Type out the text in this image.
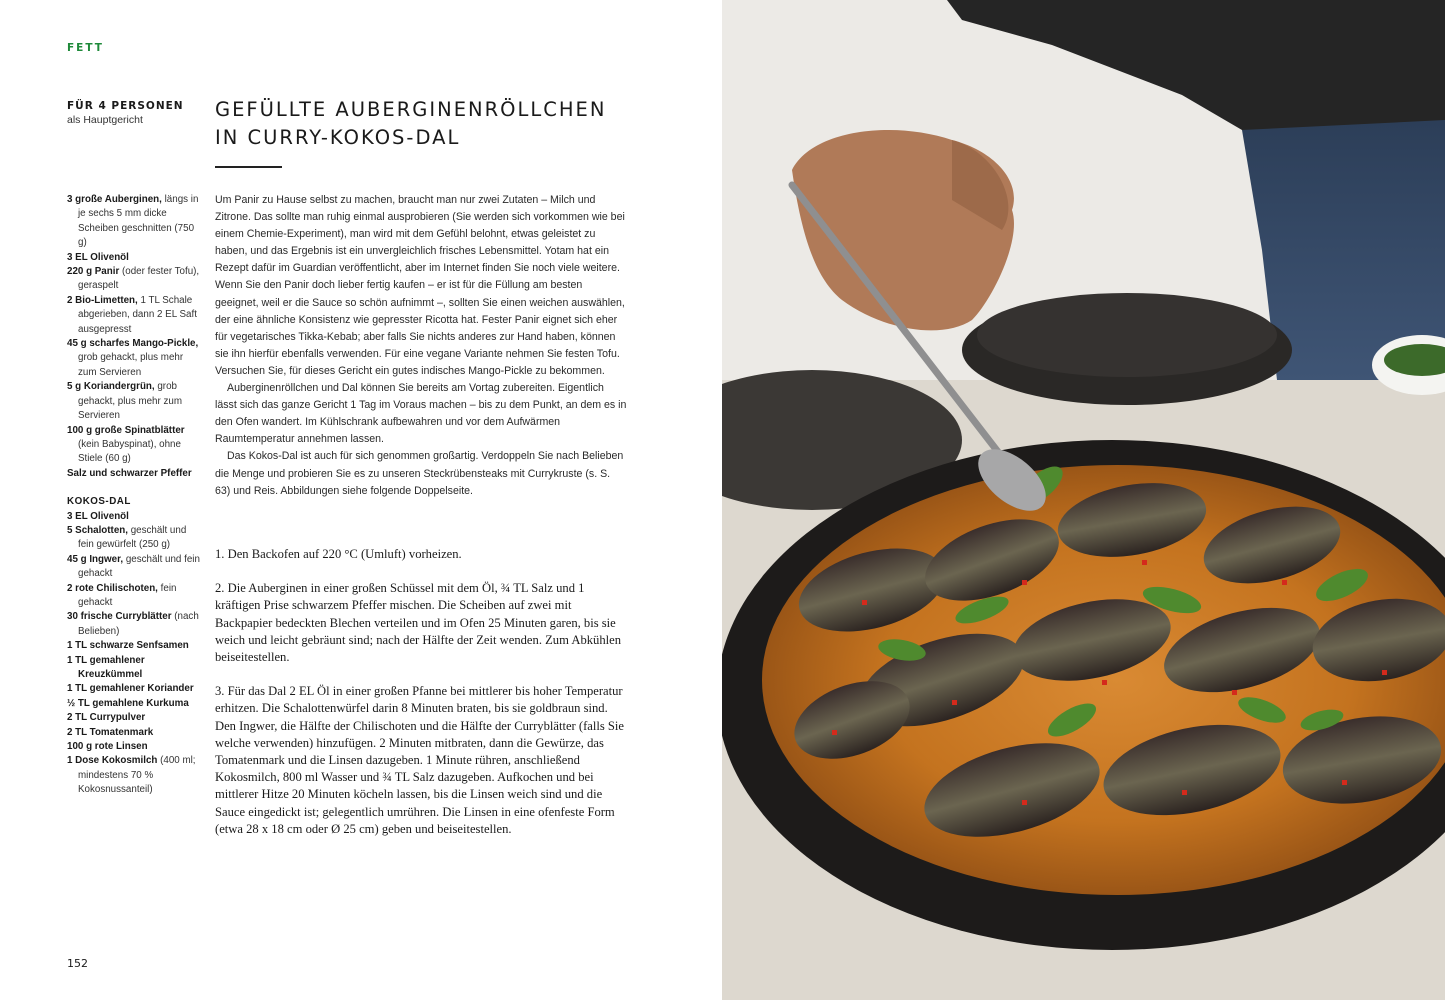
FETT
FÜR 4 PERSONEN
als Hauptgericht	GEFÜLLTE AUBERGINENRÖLLCHEN
IN CURRY-KOKOS-DAL

3 große Auberginen, längs in je sechs 5 mm dicke Scheiben geschnitten (750 g)

3 EL Olivenöl

220 g Panir (oder fester Tofu), geraspelt

2 Bio-Limetten, 1 TL Schale abgerieben, dann 2 EL Saft ausgepresst

45 g scharfes Mango-Pickle, grob gehackt, plus mehr zum Servieren

5 g Koriandergrün, grob gehackt, plus mehr zum Servieren

100 g große Spinatblätter (kein Babyspinat), ohne Stiele (60 g)

Salz und schwarzer Pfeffer

KOKOS-DAL

3 EL Olivenöl

5 Schalotten, geschält und fein gewürfelt (250 g)

45 g Ingwer, geschält und fein gehackt

2 rote Chilischoten, fein gehackt

30 frische Curryblätter (nach Belieben)

1 TL schwarze Senfsamen

1 TL gemahlener Kreuzkümmel

1 TL gemahlener Koriander

½ TL gemahlene Kurkuma

2 TL Currypulver

2 TL Tomatenmark

100 g rote Linsen

1 Dose Kokosmilch (400 ml; mindestens 70 % Kokosnussanteil)

Um Panir zu Hause selbst zu machen, braucht man nur zwei Zutaten – Milch und Zitrone. Das sollte man ruhig einmal ausprobieren (Sie werden sich vorkommen wie bei einem Chemie-Experiment), man wird mit dem Gefühl belohnt, etwas geleistet zu haben, und das Ergebnis ist ein unvergleichlich frisches Lebensmittel. Yotam hat ein Rezept dafür im Guardian veröffentlicht, aber im Internet finden Sie noch viele weitere. Wenn Sie den Panir doch lieber fertig kaufen – er ist für die Füllung am besten geeignet, weil er die Sauce so schön aufnimmt –, sollten Sie einen weichen auswählen, der eine ähnliche Konsistenz wie gepresster Ricotta hat. Fester Panir eignet sich eher für vegetarisches Tikka-Kebab; aber falls Sie nichts anderes zur Hand haben, können sie ihn hierfür ebenfalls verwenden. Für eine vegane Variante nehmen Sie festen Tofu. Versuchen Sie, für dieses Gericht ein gutes indisches Mango-Pickle zu bekommen.

Auberginenröllchen und Dal können Sie bereits am Vortag zubereiten. Eigentlich lässt sich das ganze Gericht 1 Tag im Voraus machen – bis zu dem Punkt, an dem es in den Ofen wandert. Im Kühlschrank aufbewahren und vor dem Aufwärmen Raumtemperatur annehmen lassen.

Das Kokos-Dal ist auch für sich genommen großartig. Verdoppeln Sie nach Belieben die Menge und probieren Sie es zu unseren Steckrübensteaks mit Currykruste (s. S. 63) und Reis. Abbildungen siehe folgende Doppelseite.

1. Den Backofen auf 220 °C (Umluft) vorheizen.

2. Die Auberginen in einer großen Schüssel mit dem Öl, ¾ TL Salz und 1 kräftigen Prise schwarzem Pfeffer mischen. Die Scheiben auf zwei mit Backpapier bedeckten Blechen verteilen und im Ofen 25 Minuten garen, bis sie weich und leicht gebräunt sind; nach der Hälfte der Zeit wenden. Zum Abkühlen beiseitestellen.

3. Für das Dal 2 EL Öl in einer großen Pfanne bei mittlerer bis hoher Temperatur erhitzen. Die Schalottenwürfel darin 8 Minuten braten, bis sie goldbraun sind. Den Ingwer, die Hälfte der Chilischoten und die Hälfte der Curryblätter (falls Sie welche verwenden) hinzufügen. 2 Minuten mitbraten, dann die Gewürze, das Tomatenmark und die Linsen dazugeben. 1 Minute rühren, anschließend Kokosmilch, 800 ml Wasser und ¾ TL Salz dazugeben. Aufkochen und bei mittlerer Hitze 20 Minuten köcheln lassen, bis die Linsen weich sind und die Sauce eingedickt ist; gelegentlich umrühren. Die Linsen in eine ofenfeste Form (etwa 28 x 18 cm oder Ø 25 cm) geben und beiseitestellen.

152
